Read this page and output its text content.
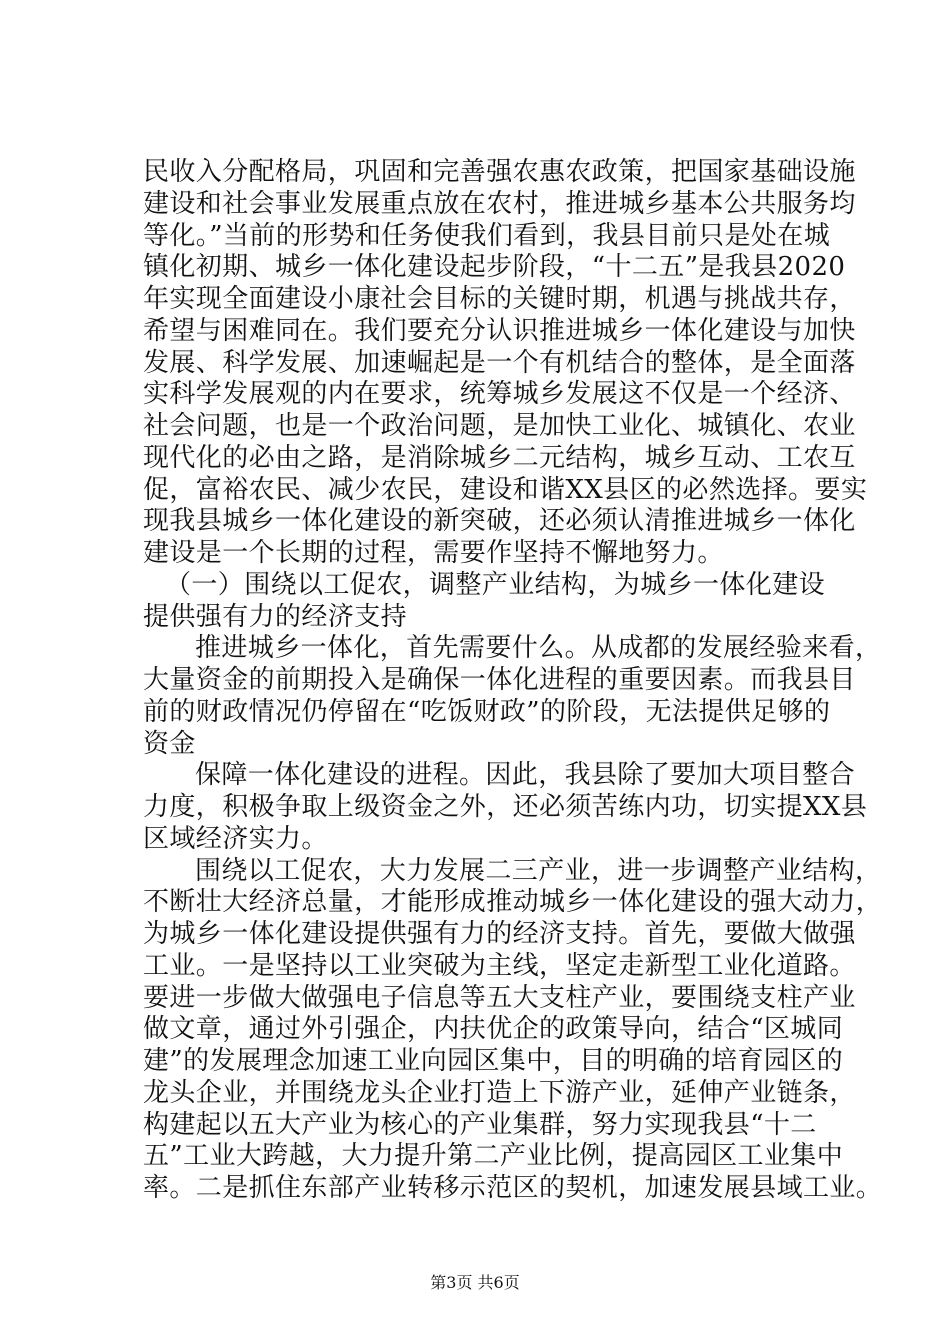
民收入分配格局，巩固和完善强农惠农政策，把国家基础设施
建设和社会事业发展重点放在农村，推进城乡基本公共服务均
等化。”当前的形势和任务使我们看到，我县目前只是处在城
镇化初期、城乡一体化建设起步阶段，“十二五”是我县2020
年实现全面建设小康社会目标的关键时期，机遇与挑战共存，
希望与困难同在。我们要充分认识推进城乡一体化建设与加快
发展、科学发展、加速崛起是一个有机结合的整体，是全面落
实科学发展观的内在要求，统筹城乡发展这不仅是一个经济、
社会问题，也是一个政治问题，是加快工业化、城镇化、农业
现代化的必由之路，是消除城乡二元结构，城乡互动、工农互
促，富裕农民、减少农民，建设和谐XX县区的必然选择。要实
现我县城乡一体化建设的新突破，还必须认清推进城乡一体化
建设是一个长期的过程，需要作坚持不懈地努力。
（一）围绕以工促农，调整产业结构，为城乡一体化建设
提供强有力的经济支持
推进城乡一体化，首先需要什么。从成都的发展经验来看，
大量资金的前期投入是确保一体化进程的重要因素。而我县目
前的财政情况仍停留在“吃饭财政”的阶段，无法提供足够的
资金
保障一体化建设的进程。因此，我县除了要加大项目整合
力度，积极争取上级资金之外，还必须苦练内功，切实提XX县
区域经济实力。
围绕以工促农，大力发展二三产业，进一步调整产业结构，
不断壮大经济总量，才能形成推动城乡一体化建设的强大动力，
为城乡一体化建设提供强有力的经济支持。首先，要做大做强
工业。一是坚持以工业突破为主线，坚定走新型工业化道路。
要进一步做大做强电子信息等五大支柱产业，要围绕支柱产业
做文章，通过外引强企，内扶优企的政策导向，结合“区城同
建”的发展理念加速工业向园区集中，目的明确的培育园区的
龙头企业，并围绕龙头企业打造上下游产业，延伸产业链条，
构建起以五大产业为核心的产业集群，努力实现我县“十二
五”工业大跨越，大力提升第二产业比例，提高园区工业集中
率。二是抓住东部产业转移示范区的契机，加速发展县域工业。
第3页 共6页
